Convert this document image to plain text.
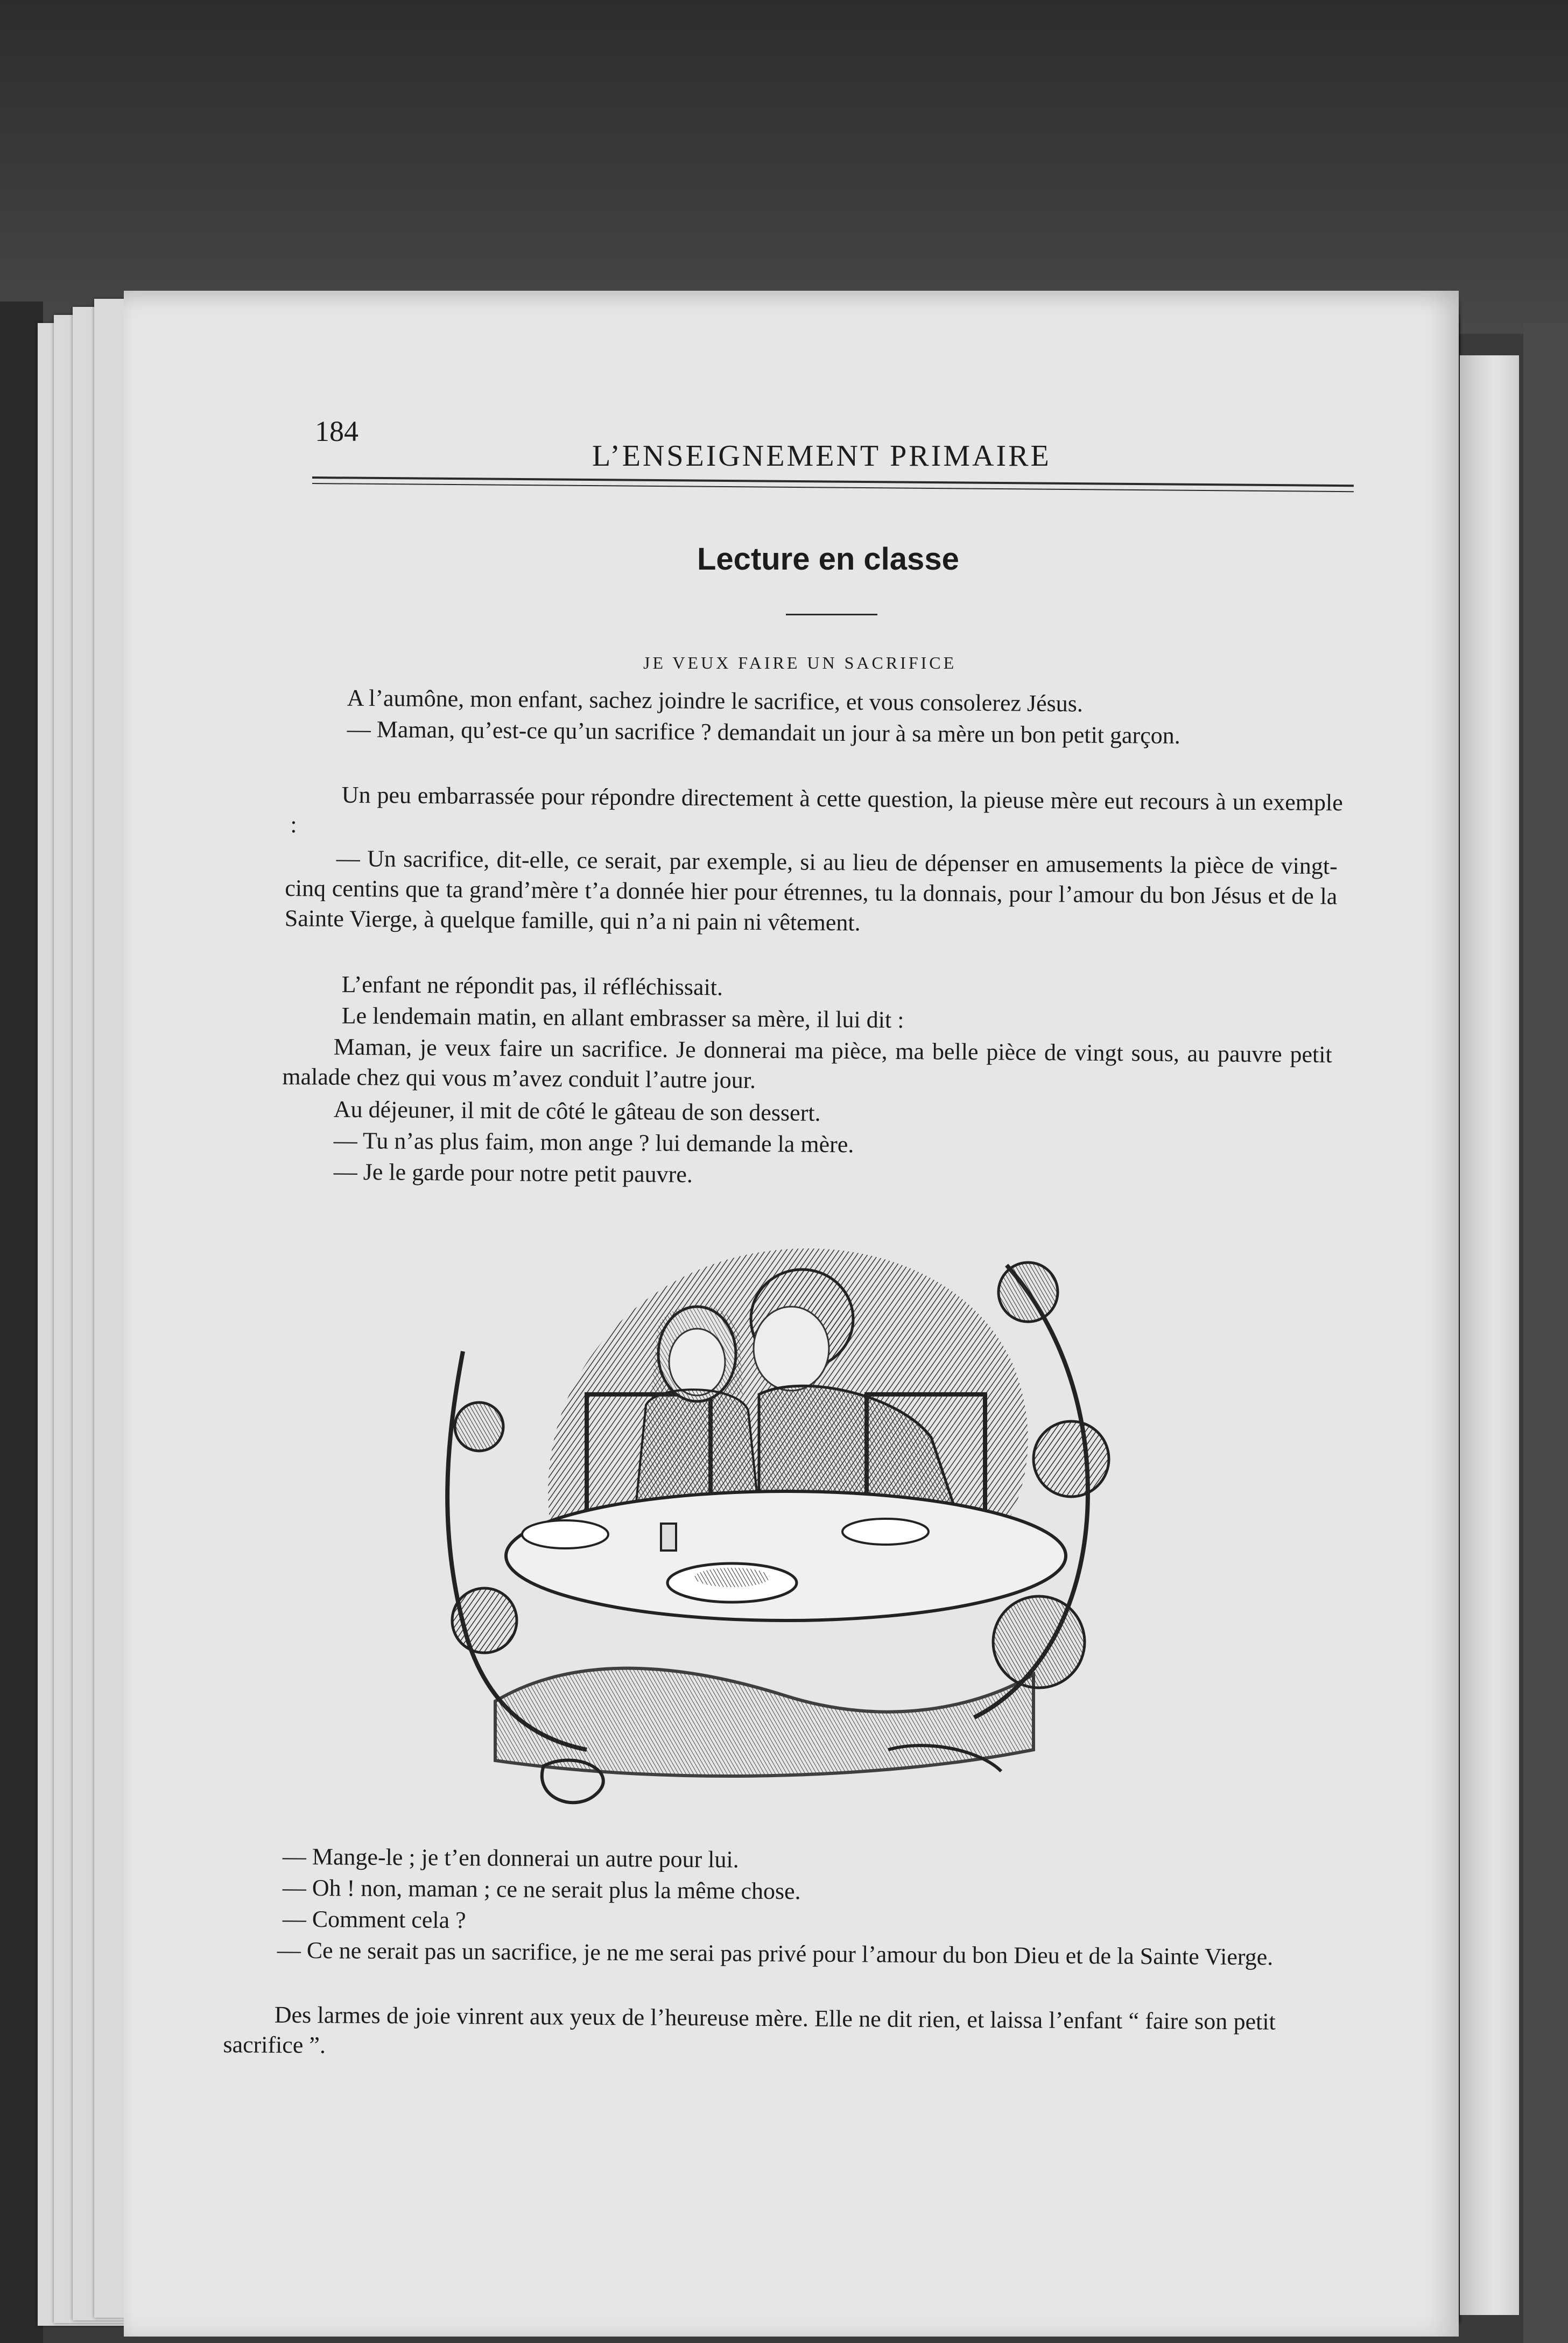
184
L’ENSEIGNEMENT PRIMAIRE
Lecture en classe
JE VEUX FAIRE UN SACRIFICE
A l’aumône, mon enfant, sachez joindre le sacrifice, et vous consolerez Jésus.
— Maman, qu’est-ce qu’un sacrifice ? demandait un jour à sa mère un bon petit garçon.
Un peu embarrassée pour répondre directement à cette question, la pieuse mère eut recours à un exemple :
— Un sacrifice, dit-elle, ce serait, par exemple, si au lieu de dépenser en amusements la pièce de vingt-cinq centins que ta grand’mère t’a donnée hier pour étrennes, tu la donnais, pour l’amour du bon Jésus et de la Sainte Vierge, à quelque famille, qui n’a ni pain ni vêtement.
L’enfant ne répondit pas, il réfléchissait.
Le lendemain matin, en allant embrasser sa mère, il lui dit :
Maman, je veux faire un sacrifice. Je donnerai ma pièce, ma belle pièce de vingt sous, au pauvre petit malade chez qui vous m’avez conduit l’autre jour.
Au déjeuner, il mit de côté le gâteau de son dessert.
— Tu n’as plus faim, mon ange ? lui demande la mère.
— Je le garde pour notre petit pauvre.
— Mange-le ; je t’en donnerai un autre pour lui.
— Oh ! non, maman ; ce ne serait plus la même chose.
— Comment cela ?
— Ce ne serait pas un sacrifice, je ne me serai pas privé pour l’amour du bon Dieu et de la Sainte Vierge.
Des larmes de joie vinrent aux yeux de l’heureuse mère. Elle ne dit rien, et laissa l’enfant “ faire son petit sacrifice ”.
